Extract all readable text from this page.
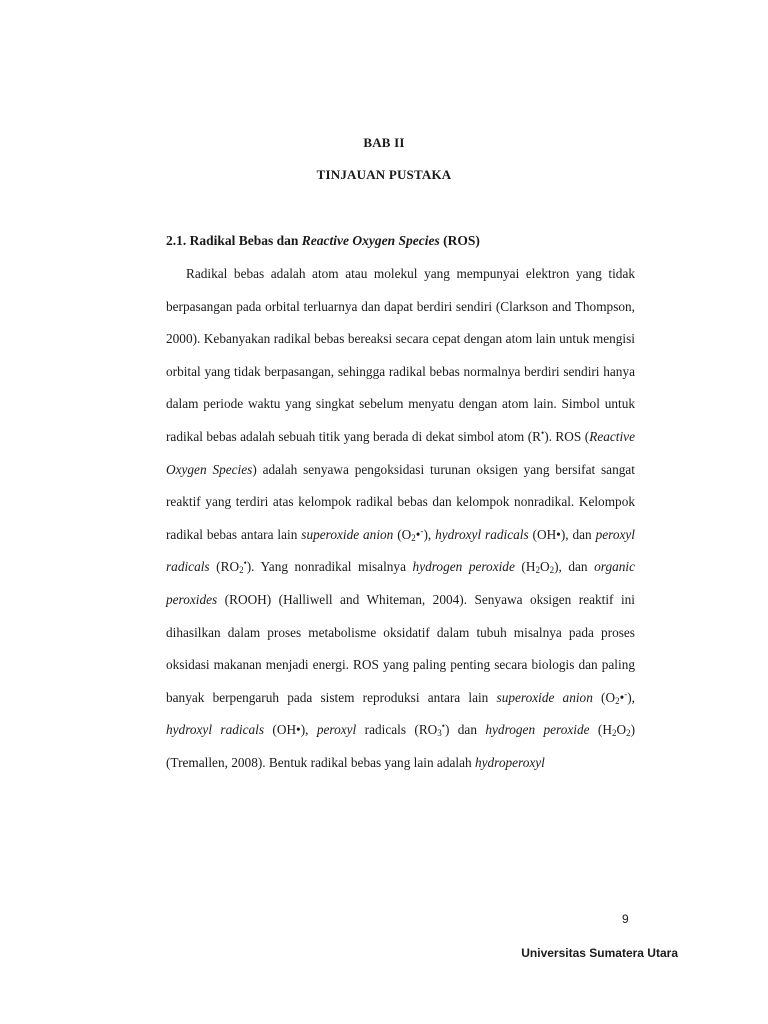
BAB II
TINJAUAN PUSTAKA
2.1. Radikal Bebas dan Reactive Oxygen Species (ROS)

Radikal bebas adalah atom atau molekul yang mempunyai elektron yang tidak berpasangan pada orbital terluarnya dan dapat berdiri sendiri (Clarkson and Thompson, 2000). Kebanyakan radikal bebas bereaksi secara cepat dengan atom lain untuk mengisi orbital yang tidak berpasangan, sehingga radikal bebas normalnya berdiri sendiri hanya dalam periode waktu yang singkat sebelum menyatu dengan atom lain. Simbol untuk radikal bebas adalah sebuah titik yang berada di dekat simbol atom (R•). ROS (Reactive Oxygen Species) adalah senyawa pengoksidasi turunan oksigen yang bersifat sangat reaktif yang terdiri atas kelompok radikal bebas dan kelompok nonradikal. Kelompok radikal bebas antara lain superoxide anion $(O_2•^-)$, hydroxyl radicals (OH•), dan peroxyl radicals $(RO_2^•)$. Yang nonradikal misalnya hydrogen peroxide $(H_2O_2)$, dan organic peroxides (ROOH) (Halliwell and Whiteman, 2004). Senyawa oksigen reaktif ini dihasilkan dalam proses metabolisme oksidatif dalam tubuh misalnya pada proses oksidasi makanan menjadi energi. ROS yang paling penting secara biologis dan paling banyak berpengaruh pada sistem reproduksi antara lain superoxide anion $(O_2•^-)$, hydroxyl radicals (OH•), peroxyl radicals $(RO_3^•)$ dan hydrogen peroxide $(H_2O_2)$ (Tremallen, 2008). Bentuk radikal bebas yang lain adalah hydroperoxyl

9
Universitas Sumatera Utara
